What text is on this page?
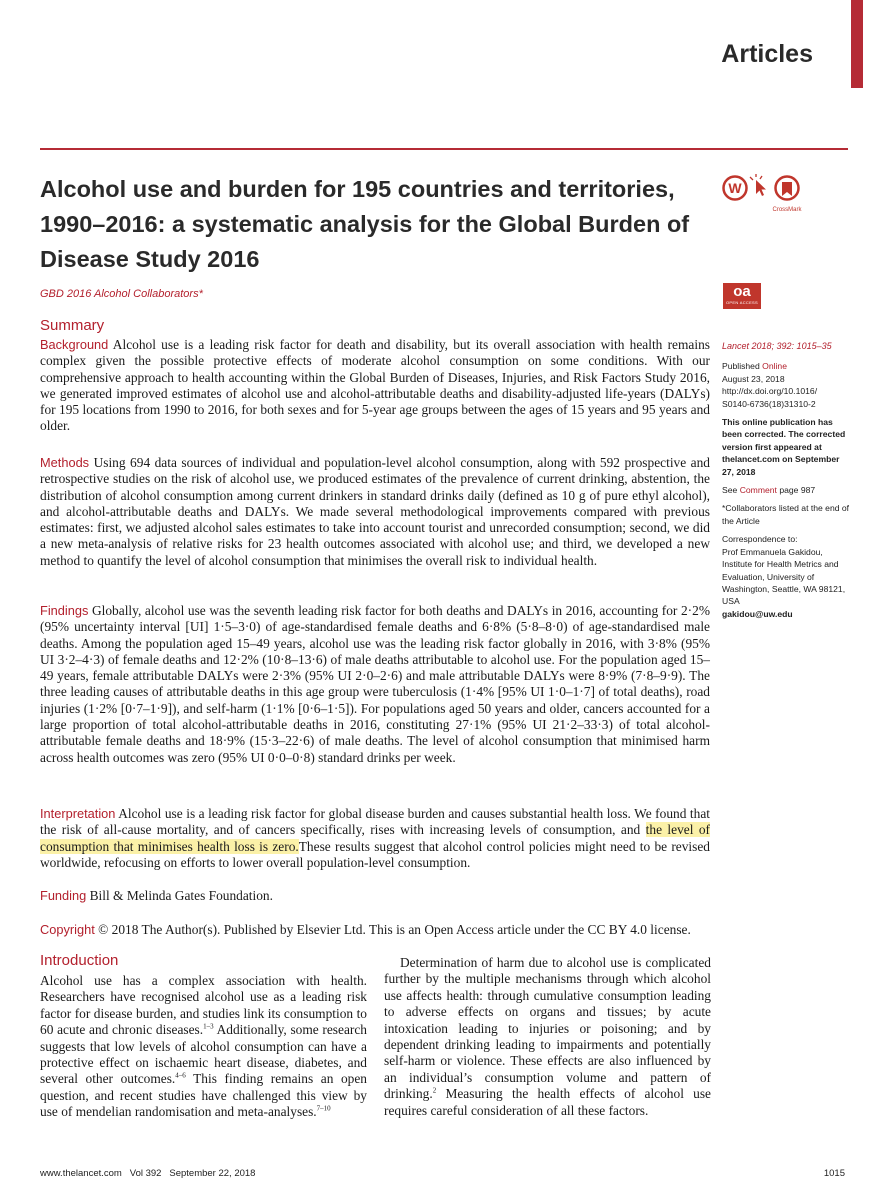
Articles
Alcohol use and burden for 195 countries and territories, 1990–2016: a systematic analysis for the Global Burden of Disease Study 2016
GBD 2016 Alcohol Collaborators*
W
CrossMark
oa
OPEN ACCESS
Summary
Background Alcohol use is a leading risk factor for death and disability, but its overall association with health remains complex given the possible protective effects of moderate alcohol consumption on some conditions. With our comprehensive approach to health accounting within the Global Burden of Diseases, Injuries, and Risk Factors Study 2016, we generated improved estimates of alcohol use and alcohol-attributable deaths and disability-adjusted life-years (DALYs) for 195 locations from 1990 to 2016, for both sexes and for 5-year age groups between the ages of 15 years and 95 years and older.
Methods Using 694 data sources of individual and population-level alcohol consumption, along with 592 prospective and retrospective studies on the risk of alcohol use, we produced estimates of the prevalence of current drinking, abstention, the distribution of alcohol consumption among current drinkers in standard drinks daily (defined as 10 g of pure ethyl alcohol), and alcohol-attributable deaths and DALYs. We made several methodological improvements compared with previous estimates: first, we adjusted alcohol sales estimates to take into account tourist and unrecorded consumption; second, we did a new meta-analysis of relative risks for 23 health outcomes associated with alcohol use; and third, we developed a new method to quantify the level of alcohol consumption that minimises the overall risk to individual health.
Findings Globally, alcohol use was the seventh leading risk factor for both deaths and DALYs in 2016, accounting for 2·2% (95% uncertainty interval [UI] 1·5–3·0) of age-standardised female deaths and 6·8% (5·8–8·0) of age-standardised male deaths. Among the population aged 15–49 years, alcohol use was the leading risk factor globally in 2016, with 3·8% (95% UI 3·2–4·3) of female deaths and 12·2% (10·8–13·6) of male deaths attributable to alcohol use. For the population aged 15–49 years, female attributable DALYs were 2·3% (95% UI 2·0–2·6) and male attributable DALYs were 8·9% (7·8–9·9). The three leading causes of attributable deaths in this age group were tuberculosis (1·4% [95% UI 1·0–1·7] of total deaths), road injuries (1·2% [0·7–1·9]), and self-harm (1·1% [0·6–1·5]). For populations aged 50 years and older, cancers accounted for a large proportion of total alcohol-attributable deaths in 2016, constituting 27·1% (95% UI 21·2–33·3) of total alcohol-attributable female deaths and 18·9% (15·3–22·6) of male deaths. The level of alcohol consumption that minimised harm across health outcomes was zero (95% UI 0·0–0·8) standard drinks per week.
Interpretation Alcohol use is a leading risk factor for global disease burden and causes substantial health loss. We found that the risk of all-cause mortality, and of cancers specifically, rises with increasing levels of consumption, and the level of consumption that minimises health loss is zero.These results suggest that alcohol control policies might need to be revised worldwide, refocusing on efforts to lower overall population-level consumption.
Funding Bill & Melinda Gates Foundation.
Copyright © 2018 The Author(s). Published by Elsevier Ltd. This is an Open Access article under the CC BY 4.0 license.

Lancet 2018; 392: 1015–35

Published Online
August 23, 2018
http://dx.doi.org/10.1016/
S0140-6736(18)31310-2

This online publication has been corrected. The corrected version first appeared at thelancet.com on September 27, 2018

See Comment page 987

*Collaborators listed at the end of the Article

Correspondence to:
Prof Emmanuela Gakidou,
Institute for Health Metrics and Evaluation, University of Washington, Seattle, WA 98121, USA
gakidou@uw.edu

Introduction
Alcohol use has a complex association with health. Researchers have recognised alcohol use as a leading risk factor for disease burden, and studies link its consumption to 60 acute and chronic diseases.$^{1-3}$ Additionally, some research suggests that low levels of alcohol consumption can have a protective effect on ischaemic heart disease, diabetes, and several other outcomes.$^{4-6}$ This finding remains an open question, and recent studies have challenged this view by use of mendelian randomisation and meta-analyses.$^{7-10}$
Determination of harm due to alcohol use is complicated further by the multiple mechanisms through which alcohol use affects health: through cumulative consumption leading to adverse effects on organs and tissues; by acute intoxication leading to injuries or poisoning; and by dependent drinking leading to impairments and potentially self-harm or violence. These effects are also influenced by an individual’s consumption volume and pattern of drinking.$^2$ Measuring the health effects of alcohol use requires careful consideration of all these factors.
www.thelancet.com   Vol 392   September 22, 2018	1015
